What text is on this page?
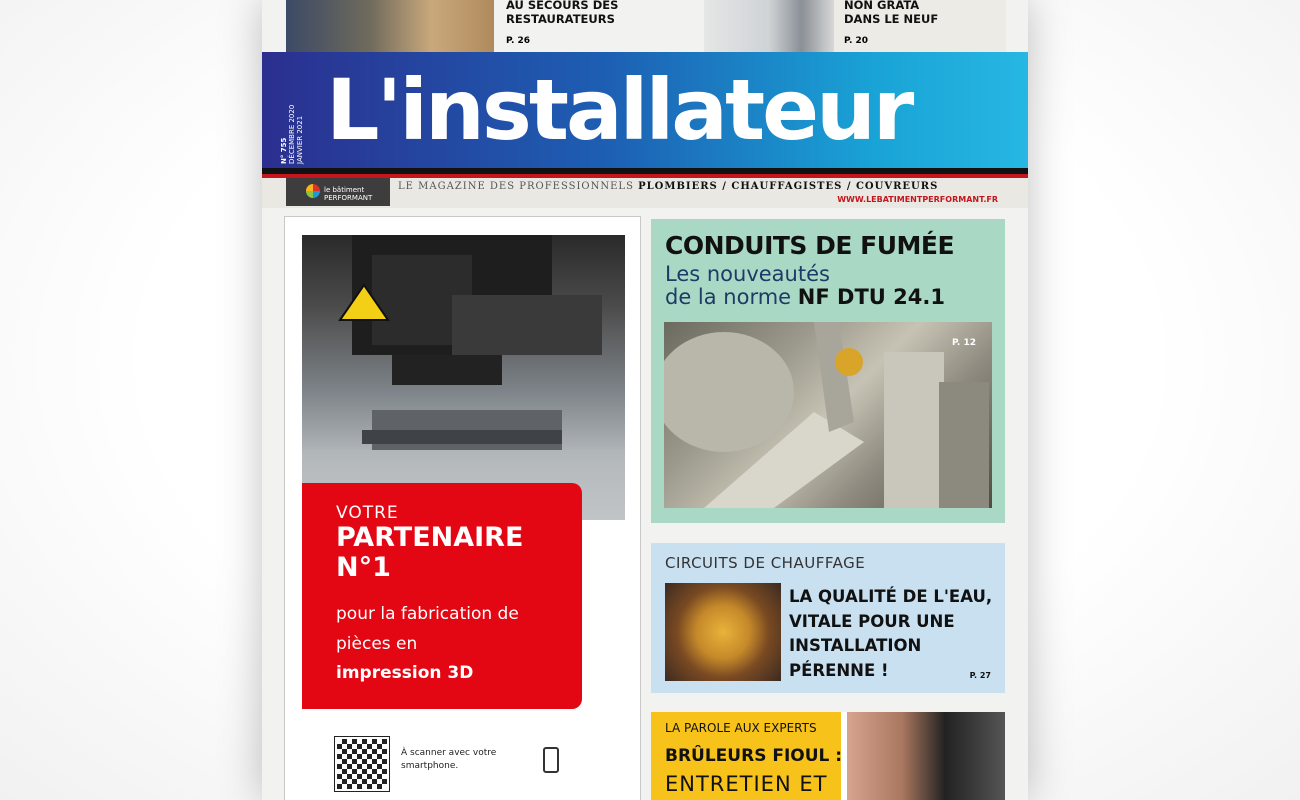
AU SECOURS DES
RESTAURATEURS
P. 26
NON GRATA
DANS LE NEUF
P. 20
N° 755
DÉCEMBRE 2020
JANVIER 2021 L'installateur
le bâtiment
PERFORMANT
LE MAGAZINE DES PROFESSIONNELS PLOMBIERS / CHAUFFAGISTES / COUVREURS
WWW.LEBATIMENTPERFORMANT.FR
VOTRE
PARTENAIRE N°1
pour la fabrication de pièces en
impression 3D
À scanner avec votre smartphone.
CONDUITS DE FUMÉE
Les nouveautés
de la norme NF DTU 24.1
P. 12
CIRCUITS DE CHAUFFAGE
LA QUALITÉ DE L'EAU, VITALE POUR UNE INSTALLATION PÉRENNE !	P. 27
LA PAROLE AUX EXPERTS
BRÛLEURS FIOUL :
ENTRETIEN ET
